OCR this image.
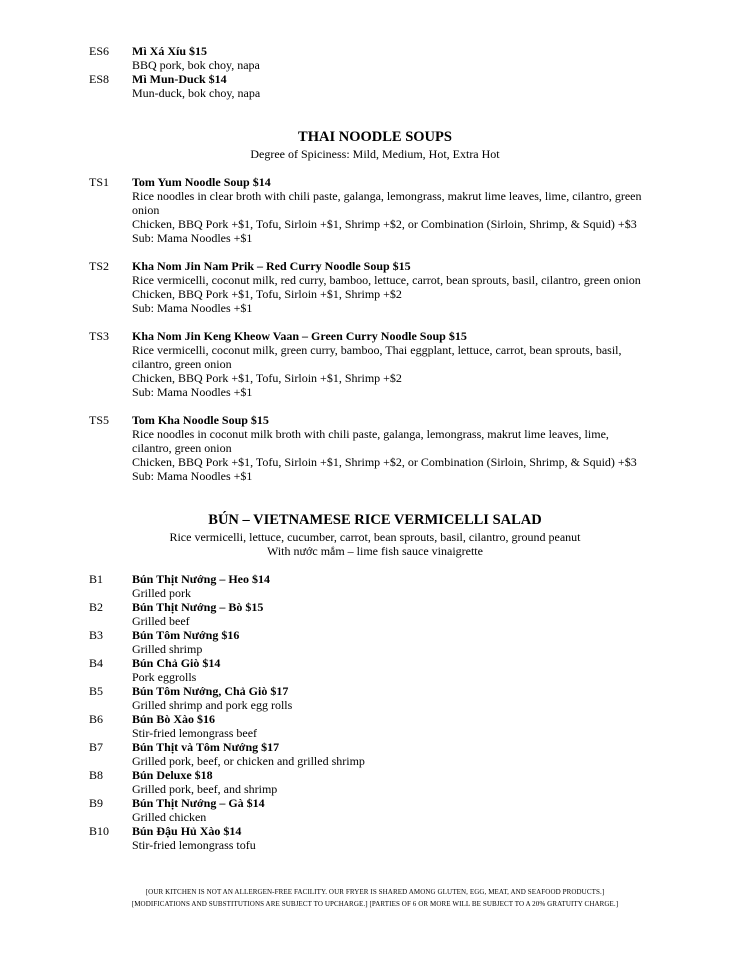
ES6 Mì Xá Xíu $15
BBQ pork, bok choy, napa
ES8 Mì Mun-Duck $14
Mun-duck, bok choy, napa
THAI NOODLE SOUPS
Degree of Spiciness: Mild, Medium, Hot, Extra Hot
TS1 Tom Yum Noodle Soup $14
Rice noodles in clear broth with chili paste, galanga, lemongrass, makrut lime leaves, lime, cilantro, green
onion
Chicken, BBQ Pork +$1, Tofu, Sirloin +$1, Shrimp +$2, or Combination (Sirloin, Shrimp, & Squid) +$3
Sub: Mama Noodles +$1
TS2 Kha Nom Jin Nam Prik – Red Curry Noodle Soup $15
Rice vermicelli, coconut milk, red curry, bamboo, lettuce, carrot, bean sprouts, basil, cilantro, green onion
Chicken, BBQ Pork +$1, Tofu, Sirloin +$1, Shrimp +$2
Sub: Mama Noodles +$1
TS3 Kha Nom Jin Keng Kheow Vaan – Green Curry Noodle Soup $15
Rice vermicelli, coconut milk, green curry, bamboo, Thai eggplant, lettuce, carrot, bean sprouts, basil,
cilantro, green onion
Chicken, BBQ Pork +$1, Tofu, Sirloin +$1, Shrimp +$2
Sub: Mama Noodles +$1
TS5 Tom Kha Noodle Soup $15
Rice noodles in coconut milk broth with chili paste, galanga, lemongrass, makrut lime leaves, lime,
cilantro, green onion
Chicken, BBQ Pork +$1, Tofu, Sirloin +$1, Shrimp +$2, or Combination (Sirloin, Shrimp, & Squid) +$3
Sub: Mama Noodles +$1
BÚN – VIETNAMESE RICE VERMICELLI SALAD
Rice vermicelli, lettuce, cucumber, carrot, bean sprouts, basil, cilantro, ground peanut
With nước mắm – lime fish sauce vinaigrette
B1 Bún Thịt Nướng – Heo $14
Grilled pork
B2 Bún Thịt Nướng – Bò $15
Grilled beef
B3 Bún Tôm Nướng $16
Grilled shrimp
B4 Bún Chả Giò $14
Pork eggrolls
B5 Bún Tôm Nướng, Chả Giò $17
Grilled shrimp and pork egg rolls
B6 Bún Bò Xào $16
Stir-fried lemongrass beef
B7 Bún Thịt và Tôm Nướng $17
Grilled pork, beef, or chicken and grilled shrimp
B8 Bún Deluxe $18
Grilled pork, beef, and shrimp
B9 Bún Thịt Nướng – Gà $14
Grilled chicken
B10 Bún Đậu Hủ Xào $14
Stir-fried lemongrass tofu
[OUR KITCHEN IS NOT AN ALLERGEN-FREE FACILITY. OUR FRYER IS SHARED AMONG GLUTEN, EGG, MEAT, AND SEAFOOD PRODUCTS.]
[MODIFICATIONS AND SUBSTITUTIONS ARE SUBJECT TO UPCHARGE.] [PARTIES OF 6 OR MORE WILL BE SUBJECT TO A 20% GRATUITY CHARGE.]
